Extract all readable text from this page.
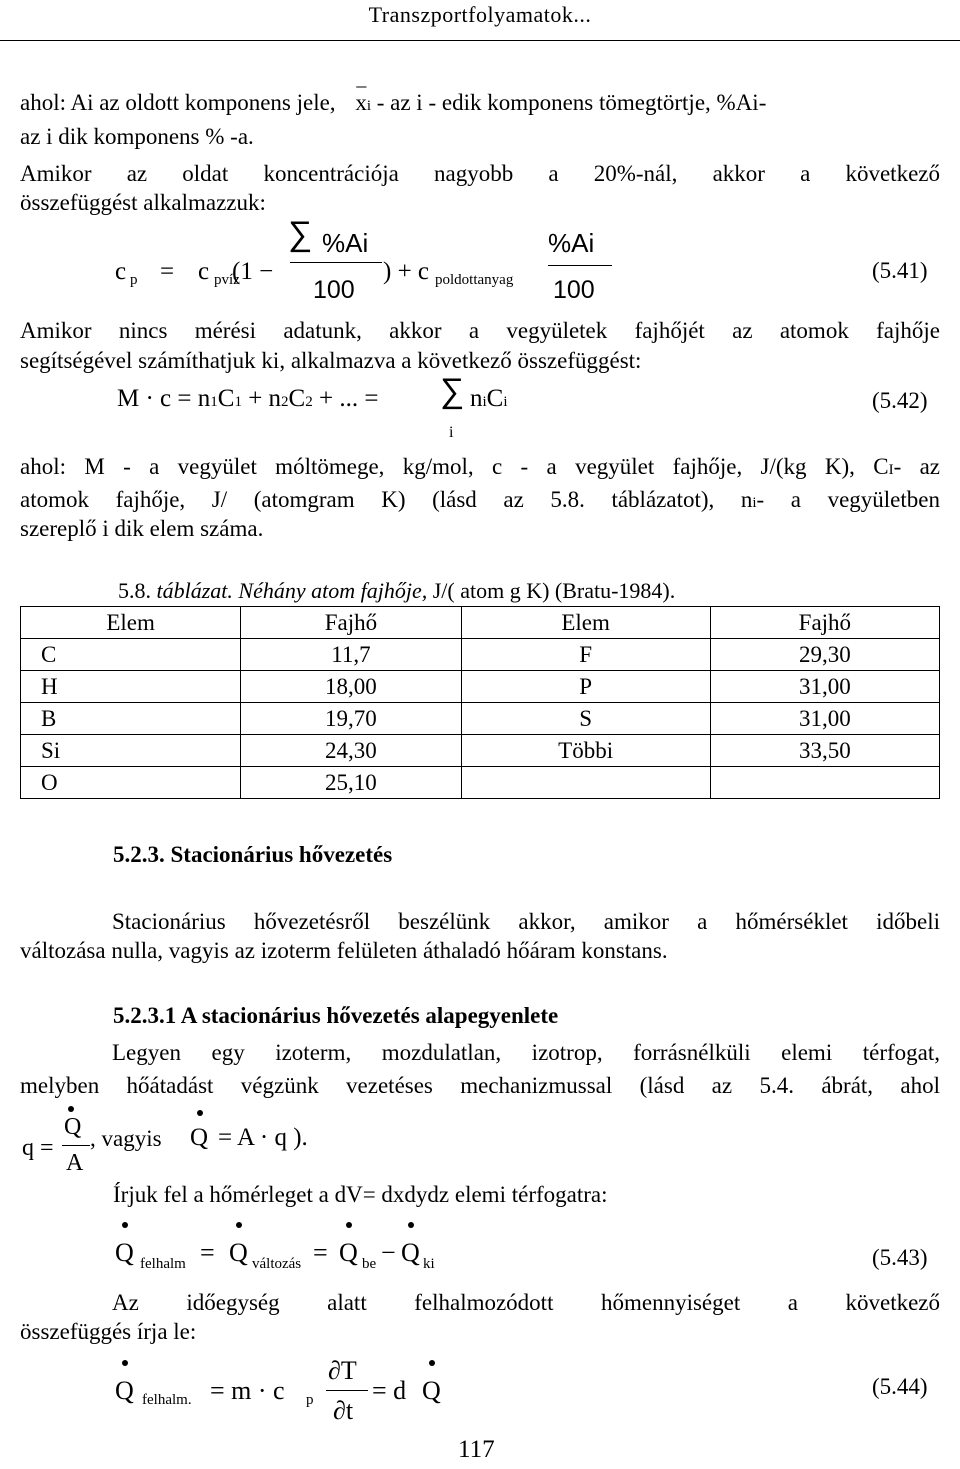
Transzportfolyamatok...
ahol: Ai az oldott komponens jele,
_
xi - az i - edik komponens tömegtörtje, %Ai-
az i dik komponens % -a.
Amikor az oldat koncentrációja nagyobb a 20%-nál, akkor a következő
összefüggést alkalmazzuk:
c p = c pvíz
(1 −
∑ %Ai
100
) + c poldottanyag
%Ai
100
(5.41)
Amikor nincs mérési adatunk, akkor a vegyületek fajhőjét az atomok fajhője
segítségével számíthatjuk ki, alkalmazva a következő összefüggést:
M · c = n1C1 + n2C2 + ... = ∑ niCi
i
(5.42)
ahol: M - a vegyület móltömege, kg/mol, c - a vegyület fajhője, J/(kg K), CI- az
atomok fajhője, J/ (atomgram K) (lásd az 5.8. táblázatot), ni- a vegyületben
szereplő i dik elem száma.
5.8. táblázat. Néhány atom fajhője, J/( atom g K) (Bratu-1984).
Elem	Fajhő	Elem	Fajhő
C	11,7	F	29,30
H	18,00	P	31,00
B	19,70	S	31,00
Si	24,30	Többi	33,50
O	25,10		
5.2.3. Stacionárius hővezetés
Stacionárius hővezetésről beszélünk akkor, amikor a hőmérséklet időbeli
változása nulla, vagyis az izoterm felületen áthaladó hőáram konstans.
5.2.3.1 A stacionárius hővezetés alapegyenlete
Legyen egy izoterm, mozdulatlan, izotrop, forrásnélküli elemi térfogat,
melyben hőátadást végzünk vezetéses mechanizmussal (lásd az 5.4. ábrát, ahol
q =
Q
A
, vagyis Q = A · q ).
Írjuk fel a hőmérleget a dV= dxdydz elemi térfogatra:
Q felhalm = Q változás = Q be − Q ki	(5.43)
Az időegység alatt felhalmozódott hőmennyiséget a következő
összefüggés írja le:
Q felhalm. = m · c p
∂T
∂t
= d Q	(5.44)
117
